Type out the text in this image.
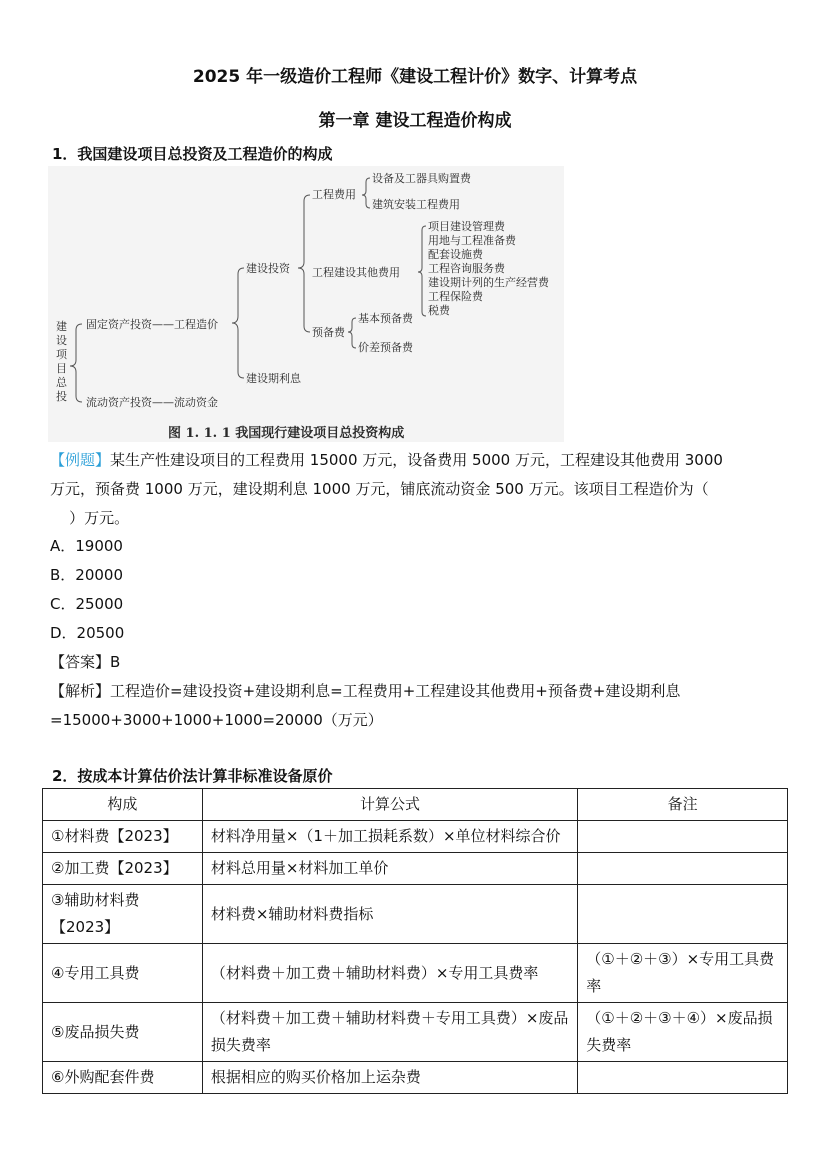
2025 年一级造价工程师《建设工程计价》数字、计算考点
第一章 建设工程造价构成
1．我国建设项目总投资及工程造价的构成
建
设
项
目
总
投
固定资产投资——工程造价
流动资产投资——流动资金
建设投资
建设期利息
工程费用
工程建设其他费用
预备费
设备及工器具购置费
建筑安装工程费用
项目建设管理费
用地与工程准备费
配套设施费
工程咨询服务费
建设期计列的生产经营费
工程保险费
税费
基本预备费
价差预备费
图 1. 1. 1 我国现行建设项目总投资构成
【例题】某生产性建设项目的工程费用 15000 万元，设备费用 5000 万元，工程建设其他费用 3000
万元，预备费 1000 万元，建设期利息 1000 万元，铺底流动资金 500 万元。该项目工程造价为（
）万元。
A．19000
B．20000
C．25000
D．20500
【答案】B
【解析】工程造价=建设投资+建设期利息=工程费用+工程建设其他费用+预备费+建设期利息
=15000+3000+1000+1000=20000（万元）
2．按成本计算估价法计算非标准设备原价
构成	计算公式	备注
①材料费【2023】	材料净用量×（1＋加工损耗系数）×单位材料综合价	
②加工费【2023】	材料总用量×材料加工单价	
③辅助材料费【2023】	材料费×辅助材料费指标	
④专用工具费	（材料费＋加工费＋辅助材料费）×专用工具费率	（①＋②＋③）×专用工具费率
⑤废品损失费	（材料费＋加工费＋辅助材料费＋专用工具费）×废品损失费率	（①＋②＋③＋④）×废品损失费率
⑥外购配套件费	根据相应的购买价格加上运杂费	
